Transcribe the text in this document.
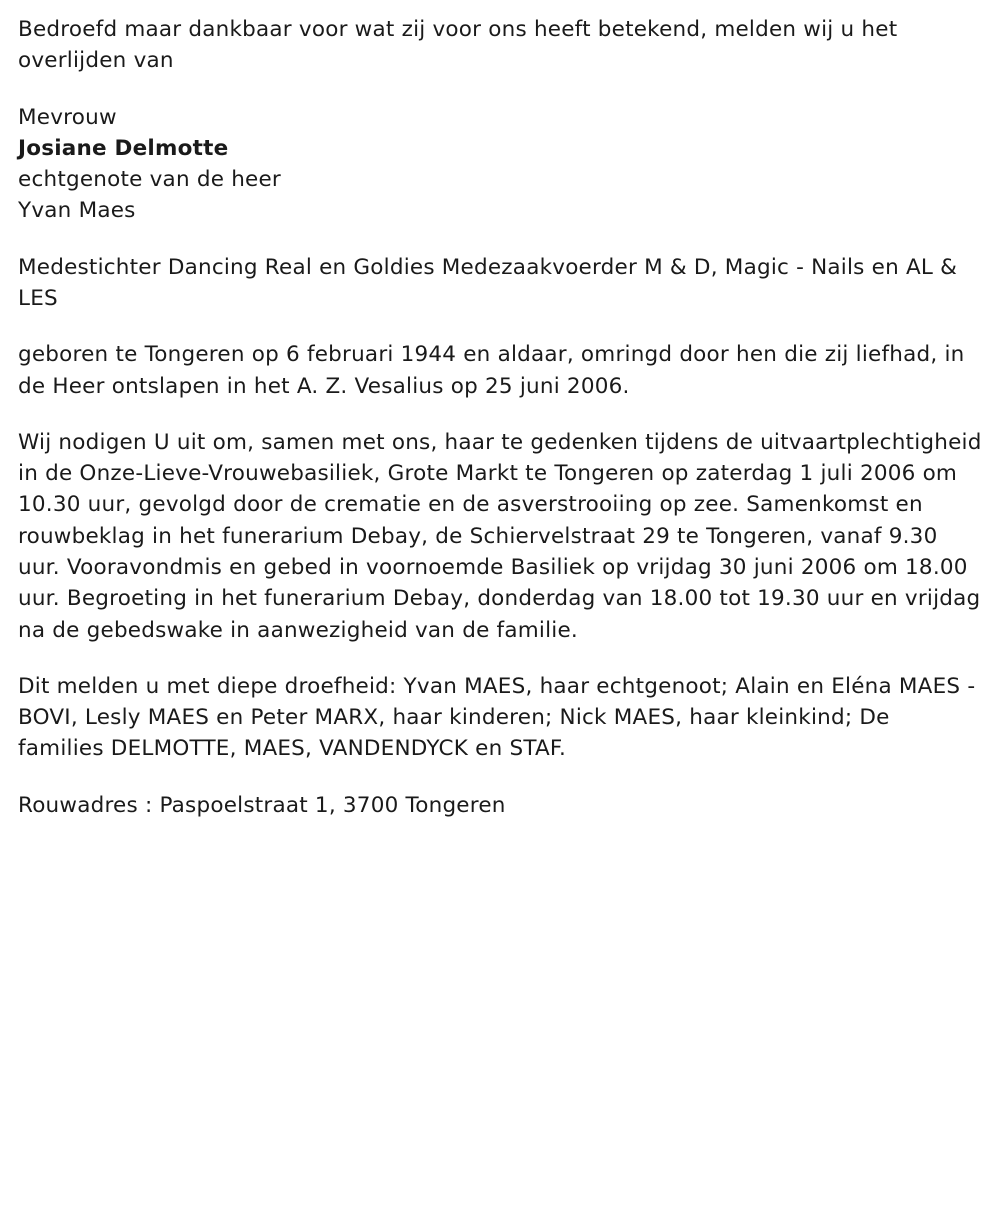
Bedroefd maar dankbaar voor wat zij voor ons heeft betekend, melden wij u het overlijden van

Mevrouw

Josiane Delmotte

echtgenote van de heer

Yvan Maes

Medestichter Dancing Real en Goldies Medezaakvoerder M & D, Magic - Nails en AL & LES

geboren te Tongeren op 6 februari 1944 en aldaar, omringd door hen die zij liefhad, in de Heer ontslapen in het A. Z. Vesalius op 25 juni 2006.

Wij nodigen U uit om, samen met ons, haar te gedenken tijdens de uitvaartplechtigheid in de Onze-Lieve-Vrouwebasiliek, Grote Markt te Tongeren op zaterdag 1 juli 2006 om 10.30 uur, gevolgd door de crematie en de asverstrooiing op zee. Samenkomst en rouwbeklag in het funerarium Debay, de Schiervelstraat 29 te Tongeren, vanaf 9.30 uur. Vooravondmis en gebed in voornoemde Basiliek op vrijdag 30 juni 2006 om 18.00 uur. Begroeting in het funerarium Debay, donderdag van 18.00 tot 19.30 uur en vrijdag na de gebedswake in aanwezigheid van de familie.

Dit melden u met diepe droefheid: Yvan MAES, haar echtgenoot; Alain en Eléna MAES - BOVI, Lesly MAES en Peter MARX, haar kinderen; Nick MAES, haar kleinkind; De families DELMOTTE, MAES, VANDENDYCK en STAF.

Rouwadres : Paspoelstraat 1, 3700 Tongeren
